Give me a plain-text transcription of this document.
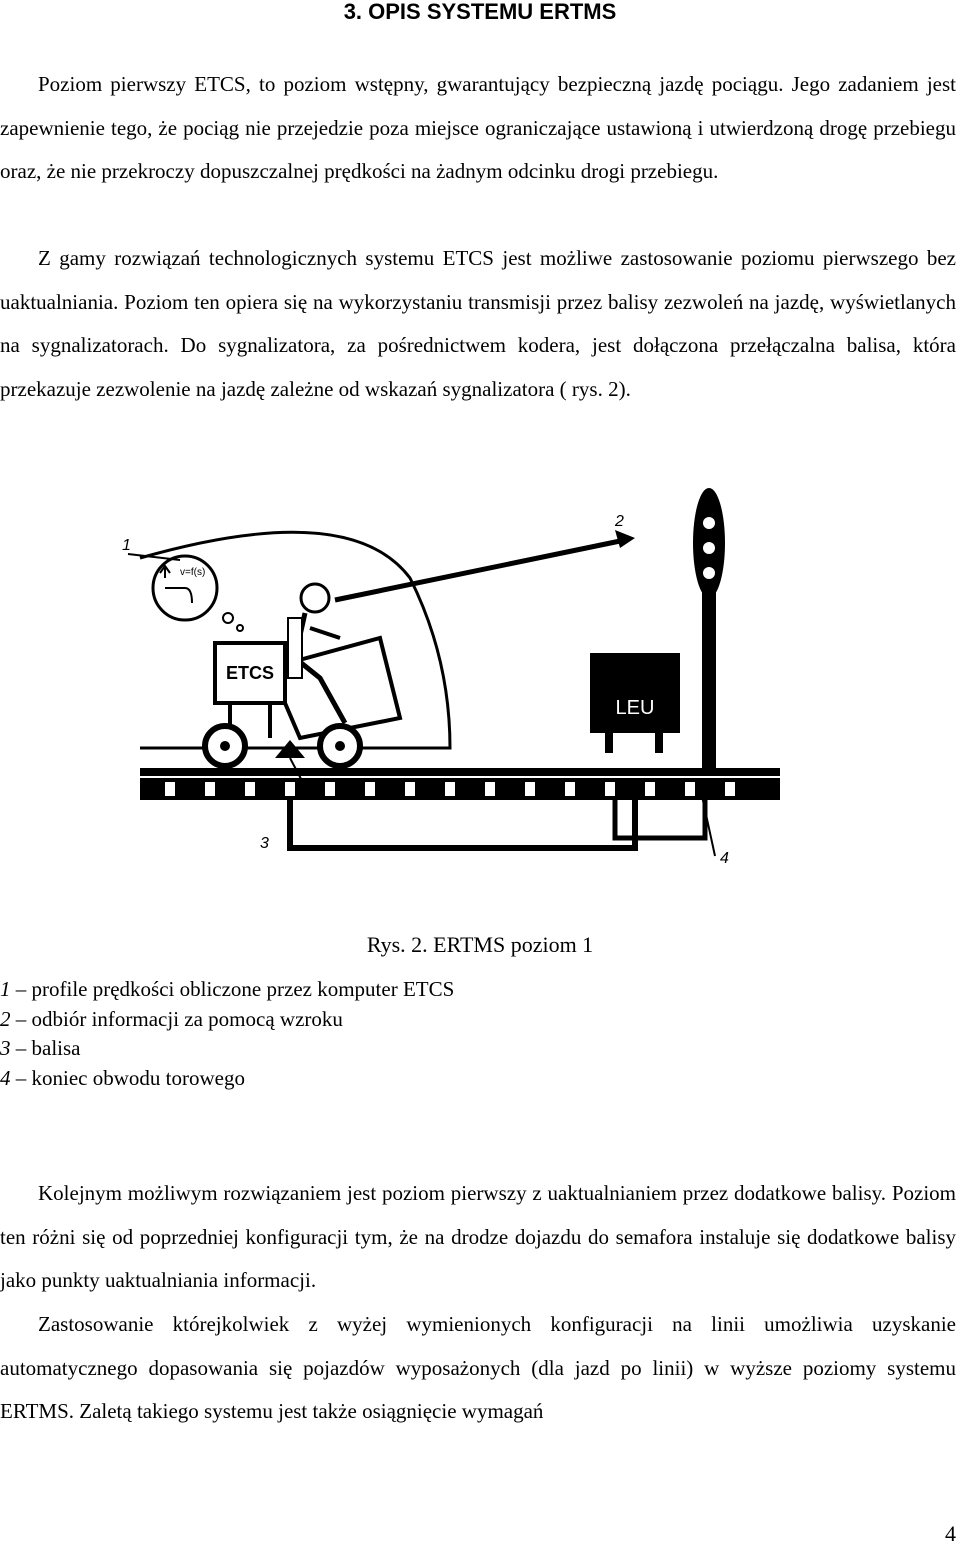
3. OPIS SYSTEMU ERTMS
Poziom pierwszy ETCS, to poziom wstępny, gwarantujący bezpieczną jazdę pociągu. Jego zadaniem jest zapewnienie tego, że pociąg nie przejedzie poza miejsce ograniczające ustawioną i utwierdzoną drogę przebiegu oraz, że nie przekroczy dopuszczalnej prędkości na żadnym odcinku drogi przebiegu.
Z gamy rozwiązań technologicznych systemu ETCS jest możliwe zastosowanie poziomu pierwszego bez uaktualniania. Poziom ten opiera się na wykorzystaniu transmisji przez balisy zezwoleń na jazdę, wyświetlanych na sygnalizatorach. Do sygnalizatora, za pośrednictwem kodera, jest dołączona przełączalna balisa, która przekazuje zezwolenie na jazdę zależne od wskazań sygnalizatora ( rys. 2).
ETCS
v=f(s)
LEU
1
2
3
4
Rys. 2. ERTMS poziom 1
1 – profile prędkości obliczone przez komputer ETCS
2 – odbiór informacji za pomocą wzroku
3 – balisa
4 – koniec obwodu torowego
Kolejnym możliwym rozwiązaniem jest poziom pierwszy z uaktualnianiem przez dodatkowe balisy. Poziom ten różni się od poprzedniej konfiguracji tym, że na drodze dojazdu do semafora instaluje się dodatkowe balisy jako punkty uaktualniania informacji.
Zastosowanie którejkolwiek z wyżej wymienionych konfiguracji na linii umożliwia uzyskanie automatycznego dopasowania się pojazdów wyposażonych (dla jazd po linii) w wyższe poziomy systemu ERTMS. Zaletą takiego systemu jest także osiągnięcie wymagań
4
